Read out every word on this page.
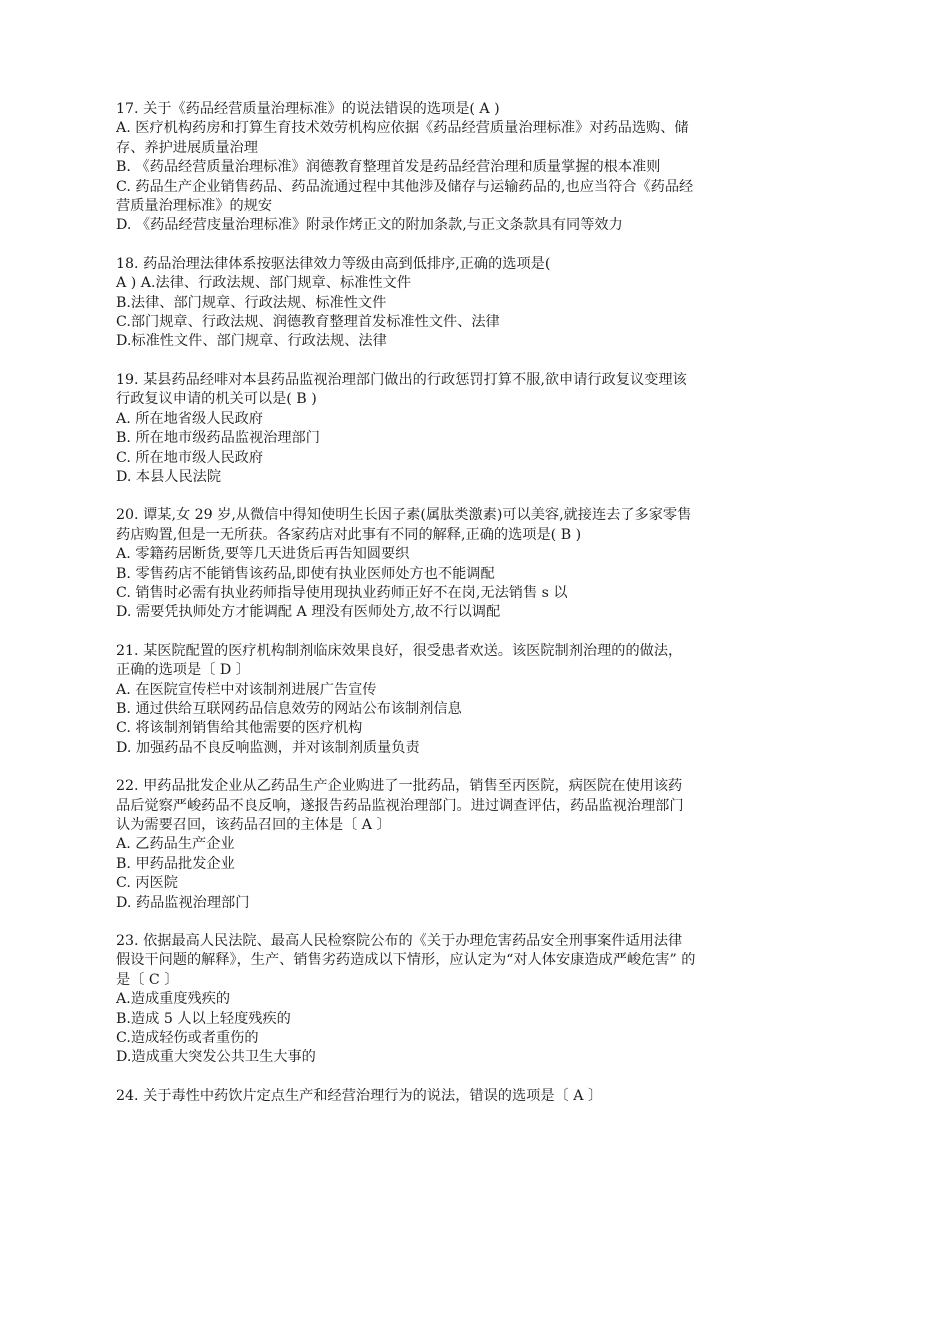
17. 关于《药品经营质量治理标准》的说法错误的选项是( A )
A. 医疗机构药房和打算生育技术效劳机构应依据《药品经营质量治理标准》对药品选购、储
存、养护进展质量治理
B. 《药品经营质量治理标准》润德教育整理首发是药品经营治理和质量掌握的根本准则
C. 药品生产企业销售药品、药品流通过程中其他涉及储存与运输药品的,也应当符合《药品经
营质量治理标准》的规安
D. 《药品经营庋量治理标准》附录作烤正文的附加条款,与正文条款具有同等效力
18. 药品治理法律体系按驱法律效力等级由高到低排序,正确的选项是(
A ) A.法律、行政法规、部门规章、标准性文件
B.法律、部门规章、行政法规、标准性文件
C.部门规章、行政法规、润德教育整理首发标准性文件、法律
D.标准性文件、部门规章、行政法规、法律
19. 某县药品经啡对本县药品监视治理部门做出的行政惩罚打算不服,欲申请行政复议变理该
行政复议申请的机关可以是( B )
A. 所在地省级人民政府
B. 所在地市级药品监视治理部门
C. 所在地市级人民政府
D. 本县人民法院
20. 谭某,女 29 岁,从微信中得知使明生长因子素(属肽类激素)可以美容,就接连去了多家零售
药店购置,但是一无所获。各家药店对此事有不同的解释,正确的选项是( B )
A. 零籍药居断货,要等几天进货后再告知圆要织
B. 零售药店不能销售该药品,即使有执业医师处方也不能调配
C. 销售时必需有执业药师指导使用现执业药师正好不在岗,无法销售 s 以
D. 需要凭执师处方才能调配 A 理没有医师处方,故不行以调配
21. 某医院配置的医疗机构制剂临床效果良好，很受患者欢送。该医院制剂治理的的做法，
正确的选项是〔 D 〕
A. 在医院宣传栏中对该制剂进展广告宣传
B. 通过供给互联网药品信息效劳的网站公布该制剂信息
C. 将该制剂销售给其他需要的医疗机构
D. 加强药品不良反响监测，并对该制剂质量负责
22. 甲药品批发企业从乙药品生产企业购进了一批药品，销售至丙医院，病医院在使用该药
品后觉察严峻药品不良反响，遂报告药品监视治理部门。进过调查评估，药品监视治理部门
认为需要召回，该药品召回的主体是〔 A 〕
A. 乙药品生产企业
B. 甲药品批发企业
C. 丙医院
D. 药品监视治理部门
23. 依据最高人民法院、最高人民检察院公布的《关于办理危害药品安全刑事案件适用法律
假设干问题的解释》，生产、销售劣药造成以下情形，应认定为“对人体安康造成严峻危害” 的
是〔 C 〕
A.造成重度残疾的
B.造成 5 人以上轻度残疾的
C.造成轻伤或者重伤的
D.造成重大突发公共卫生大事的
24. 关于毒性中药饮片定点生产和经营治理行为的说法，错误的选项是〔 A 〕
